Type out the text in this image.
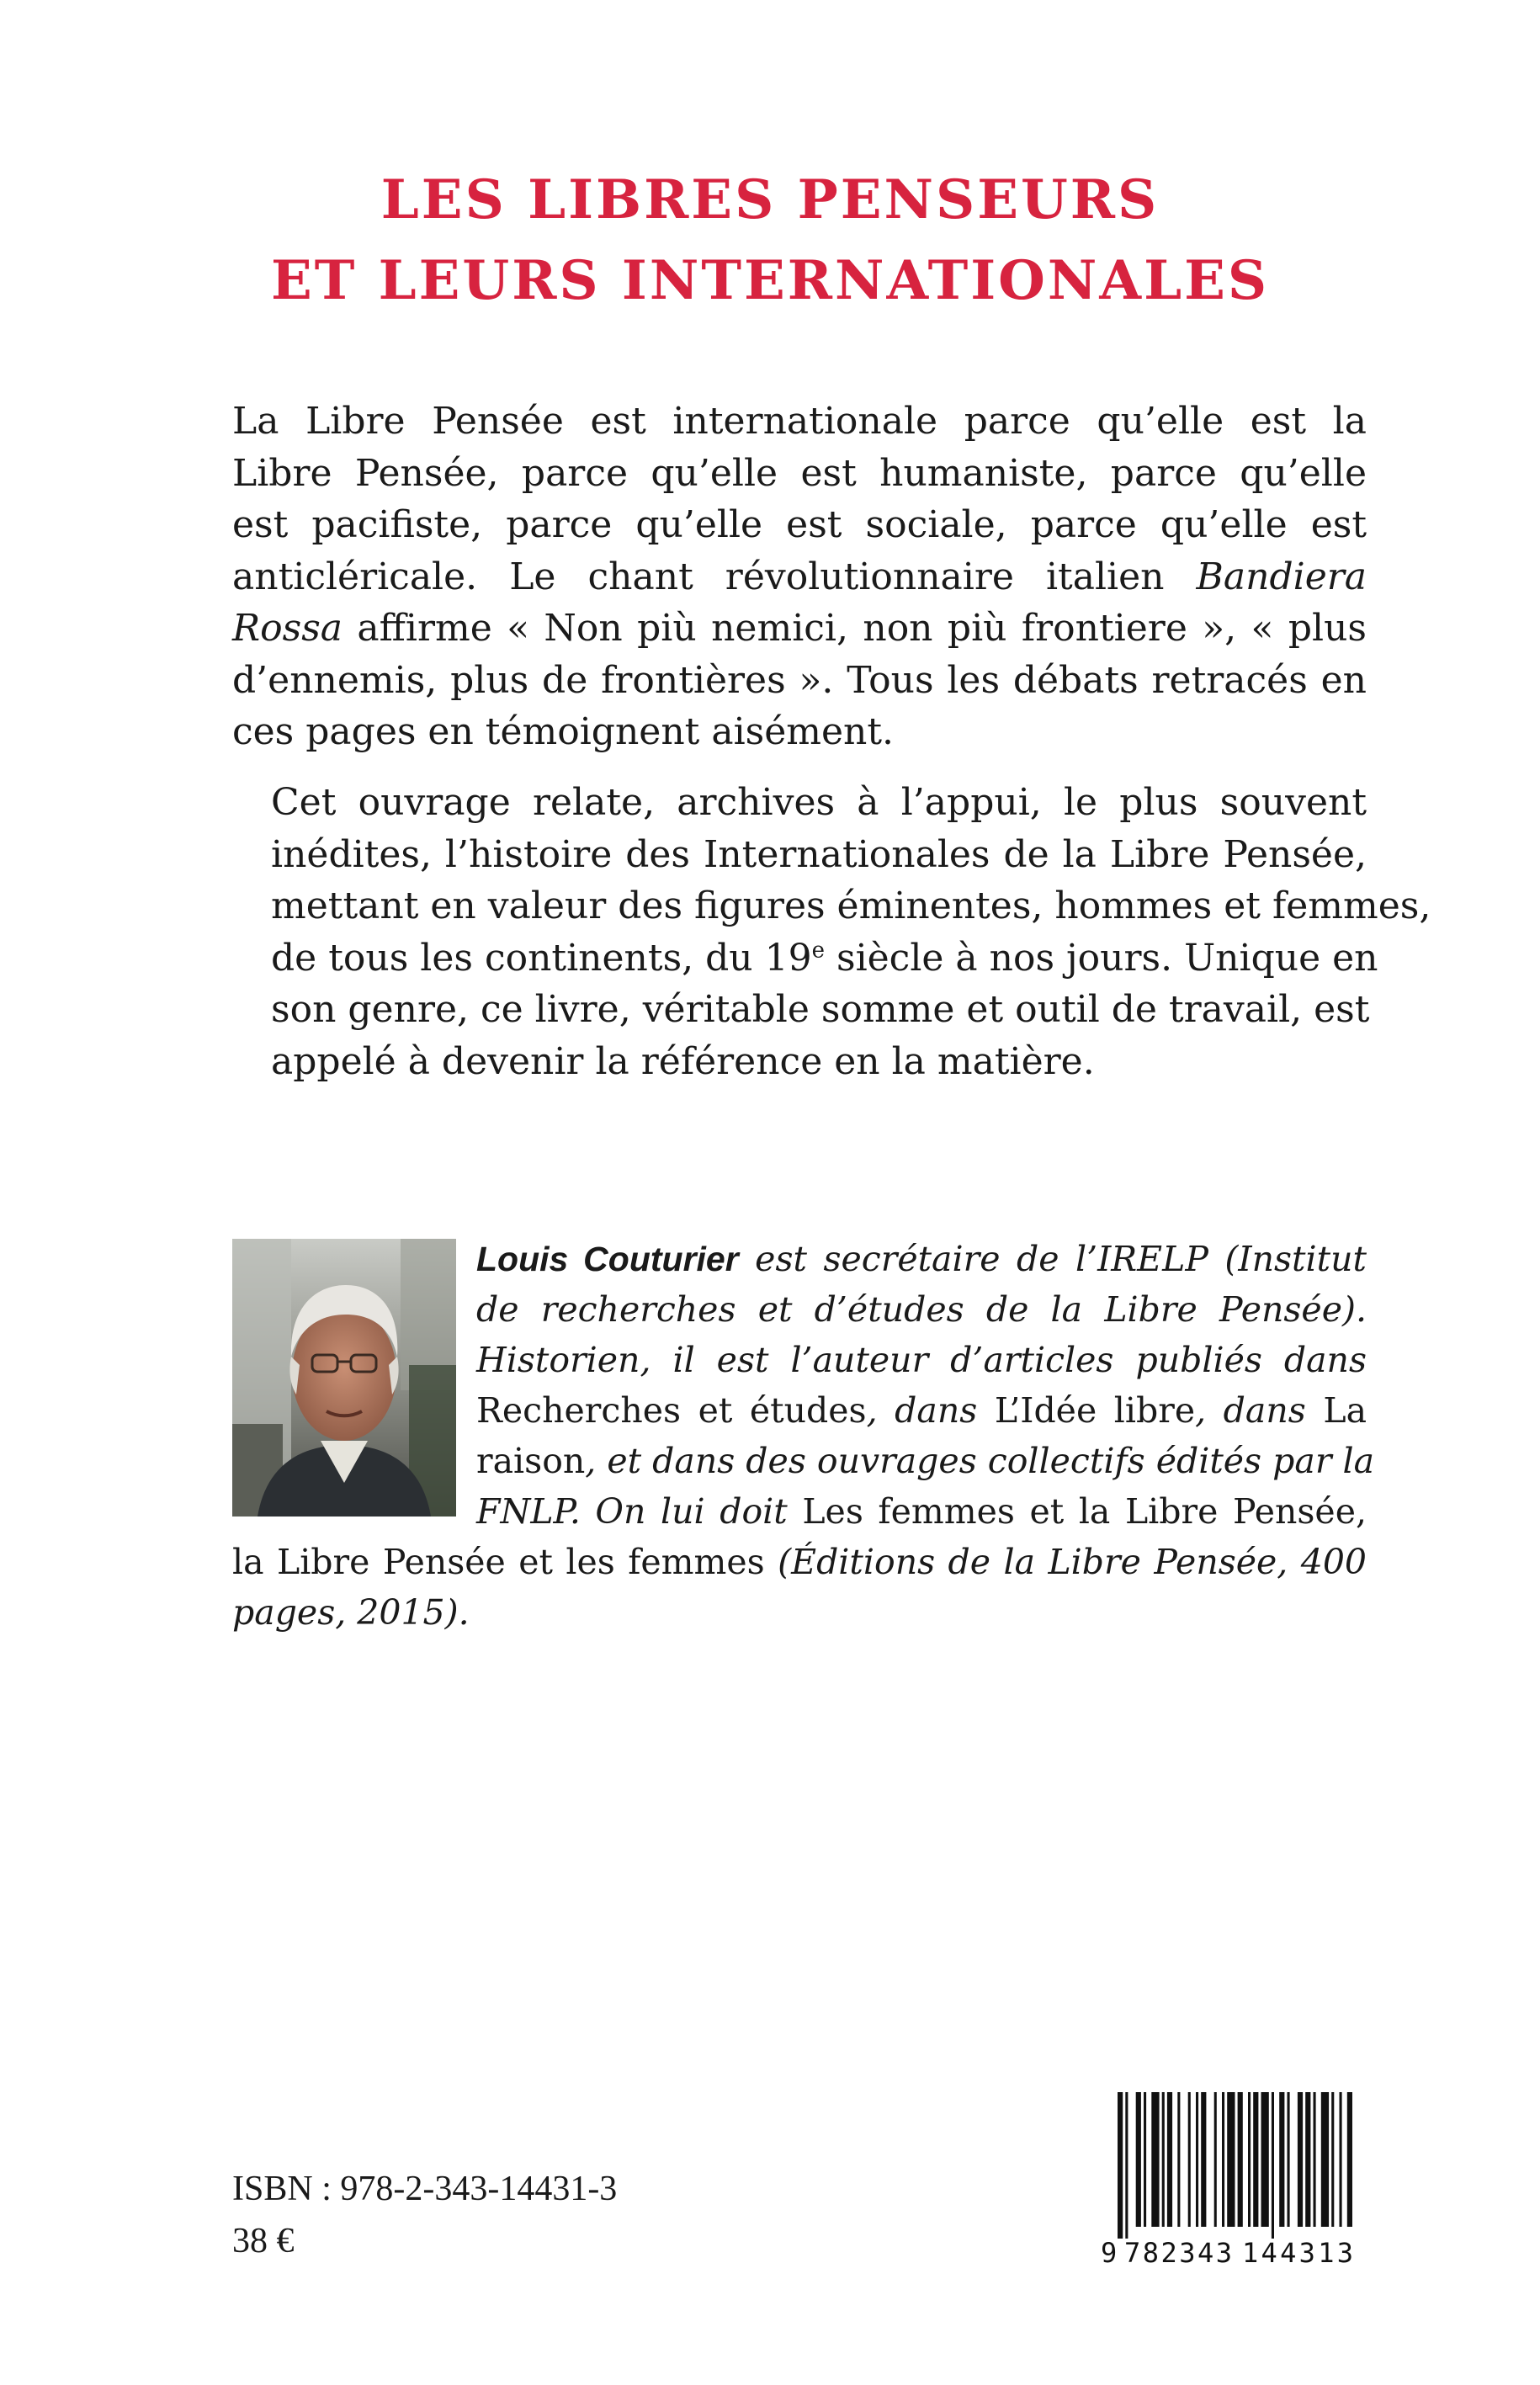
LES LIBRES PENSEURS
ET LEURS INTERNATIONALES
La Libre Pensée est internationale parce qu’elle est la
Libre Pensée, parce qu’elle est humaniste, parce qu’elle
est pacifiste, parce qu’elle est sociale, parce qu’elle est
anticléricale. Le chant révolutionnaire italien Bandiera
Rossa affirme « Non più nemici, non più frontiere », « plus
d’ennemis, plus de frontières ». Tous les débats retracés en
ces pages en témoignent aisément.
Cet ouvrage relate, archives à l’appui, le plus souvent
inédites, l’histoire des Internationales de la Libre Pensée,
mettant en valeur des figures éminentes, hommes et femmes,
de tous les continents, du 19e siècle à nos jours. Unique en
son genre, ce livre, véritable somme et outil de travail, est
appelé à devenir la référence en la matière.
Louis Couturier est secrétaire de l’IRELP (Institut
de recherches et d’études de la Libre Pensée).
Historien, il est l’auteur d’articles publiés dans
Recherches et études, dans L’Idée libre, dans La
raison, et dans des ouvrages collectifs édités par la
FNLP. On lui doit Les femmes et la Libre Pensée,
la Libre Pensée et les femmes (Éditions de la Libre Pensée, 400
pages, 2015).
ISBN : 978-2-343-14431-3
38 €	9 782343 144313
